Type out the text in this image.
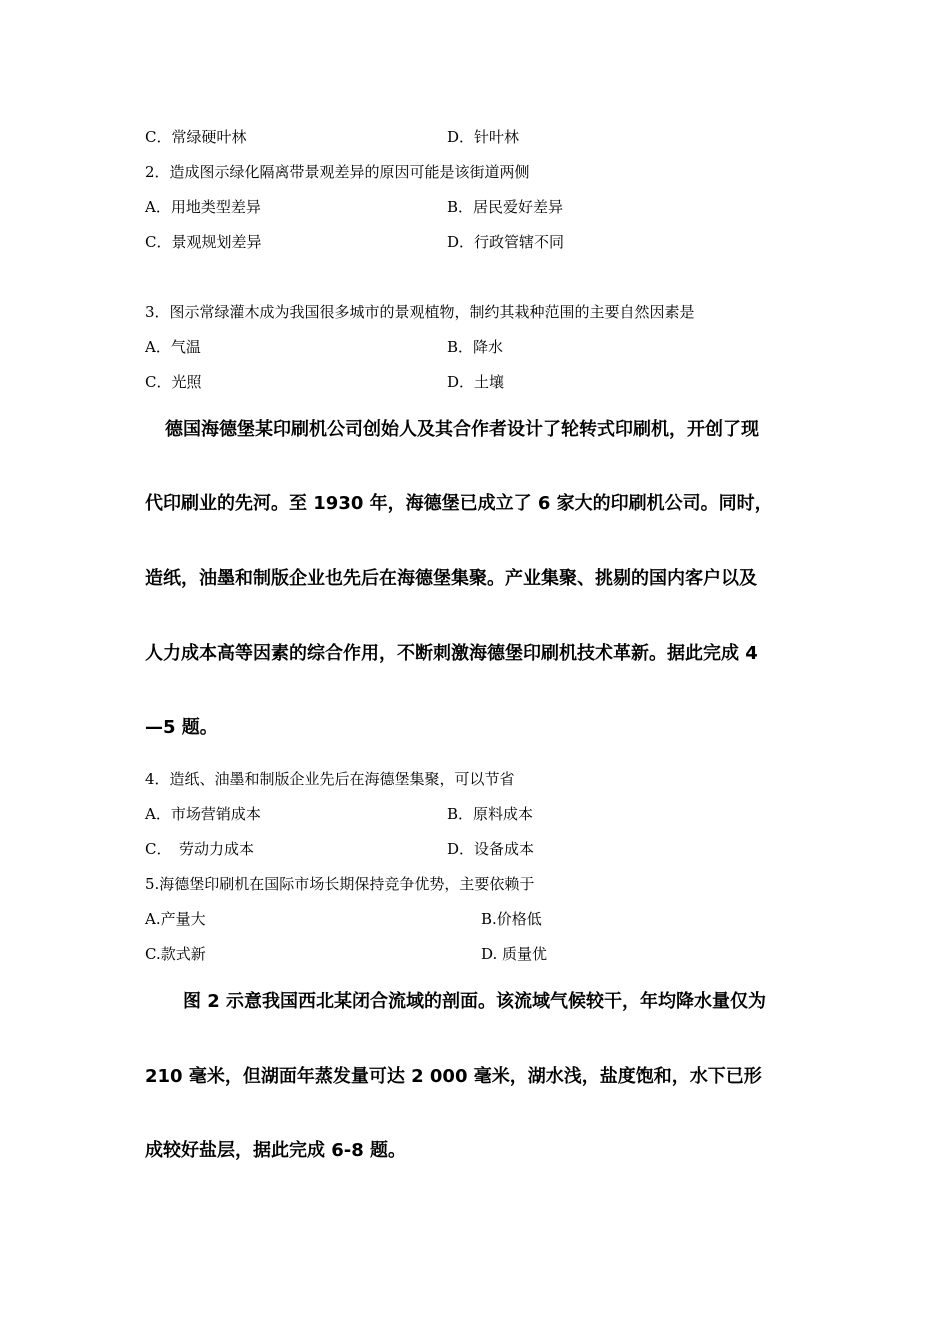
C．常绿硬叶林	D．针叶林
2．造成图示绿化隔离带景观差异的原因可能是该街道两侧
A．用地类型差异	B．居民爱好差异
C．景观规划差异	D．行政管辖不同
3．图示常绿灌木成为我国很多城市的景观植物，制约其栽种范围的主要自然因素是
A．气温	B．降水
C．光照	D．土壤
德国海德堡某印刷机公司创始人及其合作者设计了轮转式印刷机，开创了现
代印刷业的先河。至 1930 年，海德堡已成立了 6 家大的印刷机公司。同时，
造纸，油墨和制版企业也先后在海德堡集聚。产业集聚、挑剔的国内客户以及
人力成本高等因素的综合作用，不断刺激海德堡印刷机技术革新。据此完成 4
—5 题。
4．造纸、油墨和制版企业先后在海德堡集聚，可以节省
A．市场营销成本	B．原料成本
C．　劳动力成本	D．设备成本
5.海德堡印刷机在国际市场长期保持竞争优势，主要依赖于
A.产量大	B.价格低
C.款式新	D. 质量优
图 2 示意我国西北某闭合流域的剖面。该流域气候较干，年均降水量仅为
210 毫米，但湖面年蒸发量可达 2 000 毫米，湖水浅，盐度饱和，水下已形
成较好盐层，据此完成 6-8 题。
